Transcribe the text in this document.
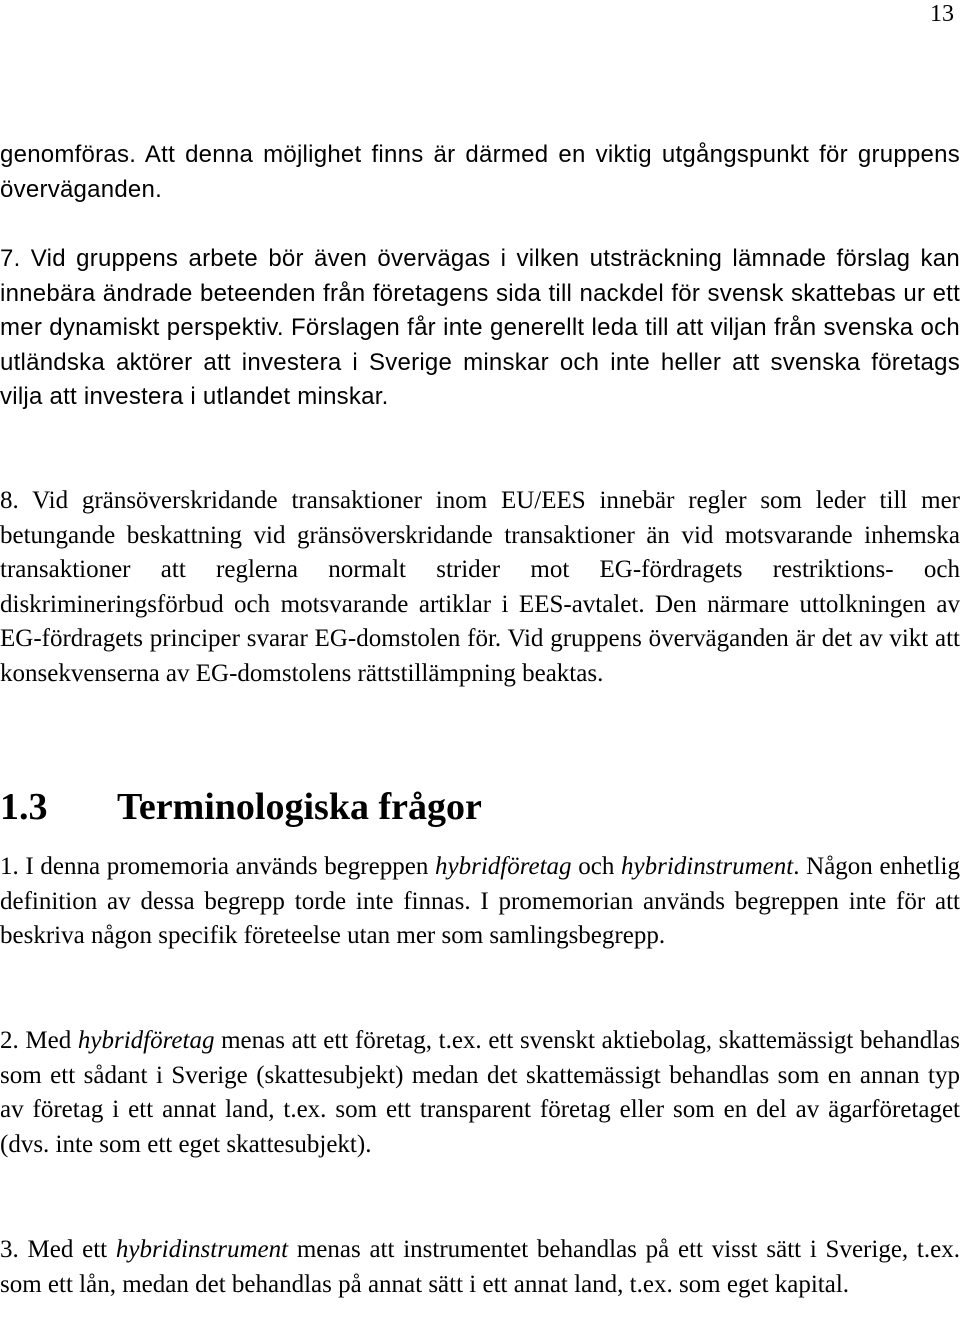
13

genomföras. Att denna möjlighet finns är därmed en viktig utgångspunkt för gruppens överväganden.

7. Vid gruppens arbete bör även övervägas i vilken utsträckning lämnade förslag kan innebära ändrade beteenden från företagens sida till nackdel för svensk skattebas ur ett mer dynamiskt perspektiv. Förslagen får inte generellt leda till att viljan från svenska och utländska aktörer att investera i Sverige minskar och inte heller att svenska företags vilja att investera i utlandet minskar.

8. Vid gränsöverskridande transaktioner inom EU/EES innebär regler som leder till mer betungande beskattning vid gränsöverskridande transaktioner än vid motsvarande inhemska transaktioner att reglerna normalt strider mot EG-fördragets restriktions- och diskrimineringsförbud och motsvarande artiklar i EES-avtalet. Den närmare uttolkningen av EG-fördragets principer svarar EG-domstolen för. Vid gruppens överväganden är det av vikt att konsekvenserna av EG-domstolens rättstillämpning beaktas.

1.3 Terminologiska frågor

1. I denna promemoria används begreppen hybridföretag och hybridinstrument. Någon enhetlig definition av dessa begrepp torde inte finnas. I promemorian används begreppen inte för att beskriva någon specifik företeelse utan mer som samlingsbegrepp.

2. Med hybridföretag menas att ett företag, t.ex. ett svenskt aktiebolag, skattemässigt behandlas som ett sådant i Sverige (skattesubjekt) medan det skattemässigt behandlas som en annan typ av företag i ett annat land, t.ex. som ett transparent företag eller som en del av ägarföretaget (dvs. inte som ett eget skattesubjekt).

3. Med ett hybridinstrument menas att instrumentet behandlas på ett visst sätt i Sverige, t.ex. som ett lån, medan det behandlas på annat sätt i ett annat land, t.ex. som eget kapital.
